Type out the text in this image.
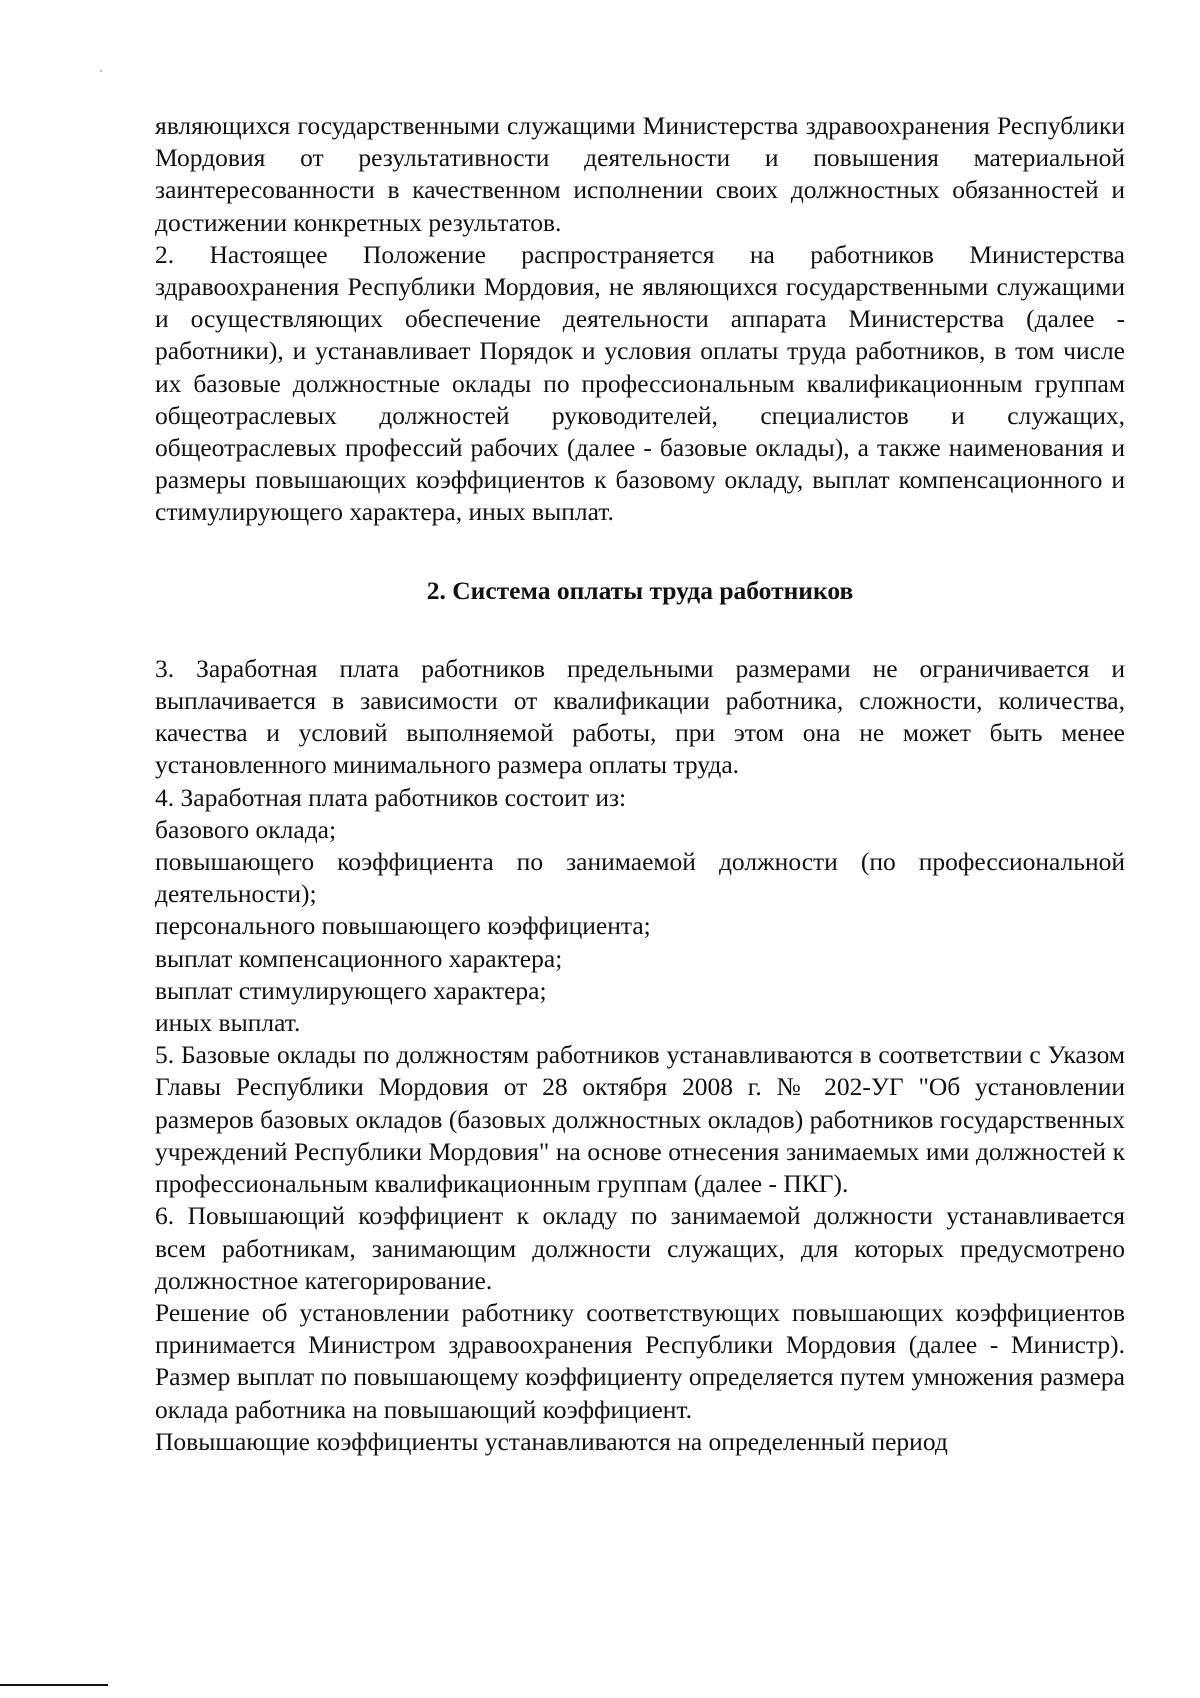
являющихся государственными служащими Министерства здравоохранения Республики Мордовия от результативности деятельности и повышения материальной заинтересованности в качественном исполнении своих должностных обязанностей и достижении конкретных результатов.

2. Настоящее Положение распространяется на работников Министерства здравоохранения Республики Мордовия, не являющихся государственными служащими и осуществляющих обеспечение деятельности аппарата Министерства (далее - работники), и устанавливает Порядок и условия оплаты труда работников, в том числе их базовые должностные оклады по профессиональным квалификационным группам общеотраслевых должностей руководителей, специалистов и служащих, общеотраслевых профессий рабочих (далее - базовые оклады), а также наименования и размеры повышающих коэффициентов к базовому окладу, выплат компенсационного и стимулирующего характера, иных выплат.

2. Система оплаты труда работников

3. Заработная плата работников предельными размерами не ограничивается и выплачивается в зависимости от квалификации работника, сложности, количества, качества и условий выполняемой работы, при этом она не может быть менее установленного минимального размера оплаты труда.

4. Заработная плата работников состоит из:

базового оклада;

повышающего коэффициента по занимаемой должности (по профессиональной деятельности);

персонального повышающего коэффициента;

выплат компенсационного характера;

выплат стимулирующего характера;

иных выплат.

5. Базовые оклады по должностям работников устанавливаются в соответствии с Указом Главы Республики Мордовия от 28 октября 2008 г. № 202-УГ "Об установлении размеров базовых окладов (базовых должностных окладов) работников государственных учреждений Республики Мордовия" на основе отнесения занимаемых ими должностей к профессиональным квалификационным группам (далее - ПКГ).

6. Повышающий коэффициент к окладу по занимаемой должности устанавливается всем работникам, занимающим должности служащих, для которых предусмотрено должностное категорирование.

Решение об установлении работнику соответствующих повышающих коэффициентов принимается Министром здравоохранения Республики Мордовия (далее - Министр). Размер выплат по повышающему коэффициенту определяется путем умножения размера оклада работника на повышающий коэффициент.

Повышающие коэффициенты устанавливаются на определенный период
